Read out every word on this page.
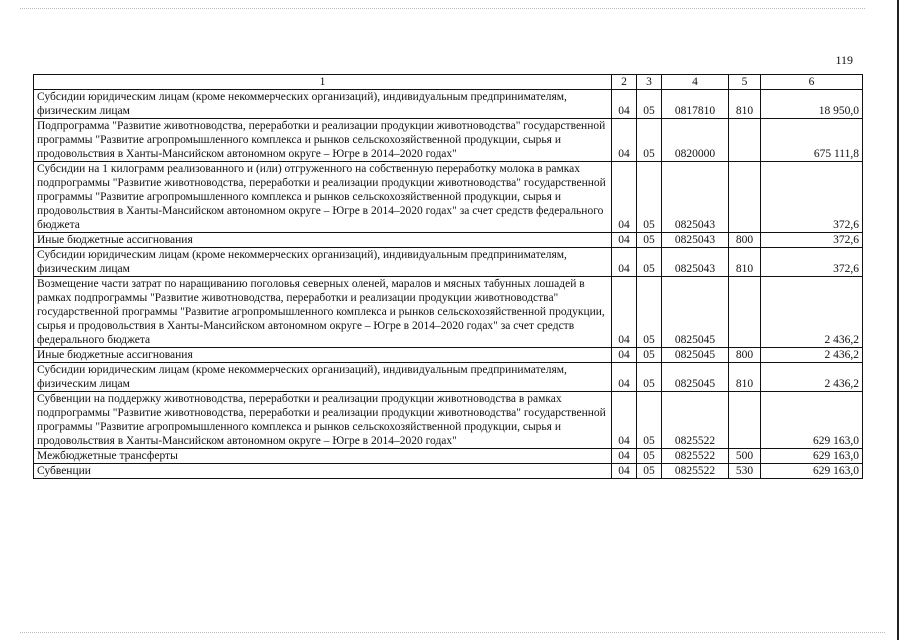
119
1	2	3	4	5	6
Субсидии юридическим лицам (кроме некоммерческих организаций), индивидуальным предпринимателям, физическим лицам	04	05	0817810	810	18 950,0
Подпрограмма "Развитие животноводства, переработки и реализации продукции животноводства" государственной программы "Развитие агропромышленного комплекса и рынков сельскохозяйственной продукции, сырья и продовольствия в Ханты-Мансийском автономном округе – Югре в 2014–2020 годах"	04	05	0820000		675 111,8
Субсидии на 1 килограмм реализованного и (или) отгруженного на собственную переработку молока в рамках подпрограммы "Развитие животноводства, переработки и реализации продукции животноводства" государственной программы "Развитие агропромышленного комплекса и рынков сельскохозяйственной продукции, сырья и продовольствия в Ханты-Мансийском автономном округе – Югре в 2014–2020 годах" за счет средств федерального бюджета	04	05	0825043		372,6
Иные бюджетные ассигнования	04	05	0825043	800	372,6
Субсидии юридическим лицам (кроме некоммерческих организаций), индивидуальным предпринимателям, физическим лицам	04	05	0825043	810	372,6
Возмещение части затрат по наращиванию поголовья северных оленей, маралов и мясных табунных лошадей в рамках подпрограммы "Развитие животноводства, переработки и реализации продукции животноводства" государственной программы "Развитие агропромышленного комплекса и рынков сельскохозяйственной продукции, сырья и продовольствия в Ханты-Мансийском автономном округе – Югре в 2014–2020 годах" за счет средств федерального бюджета	04	05	0825045		2 436,2
Иные бюджетные ассигнования	04	05	0825045	800	2 436,2
Субсидии юридическим лицам (кроме некоммерческих организаций), индивидуальным предпринимателям, физическим лицам	04	05	0825045	810	2 436,2
Субвенции на поддержку животноводства, переработки и реализации продукции животноводства в рамках подпрограммы "Развитие животноводства, переработки и реализации продукции животноводства" государственной программы "Развитие агропромышленного комплекса и рынков сельскохозяйственной продукции, сырья и продовольствия в Ханты-Мансийском автономном округе – Югре в 2014–2020 годах"	04	05	0825522		629 163,0
Межбюджетные трансферты	04	05	0825522	500	629 163,0
Субвенции	04	05	0825522	530	629 163,0
